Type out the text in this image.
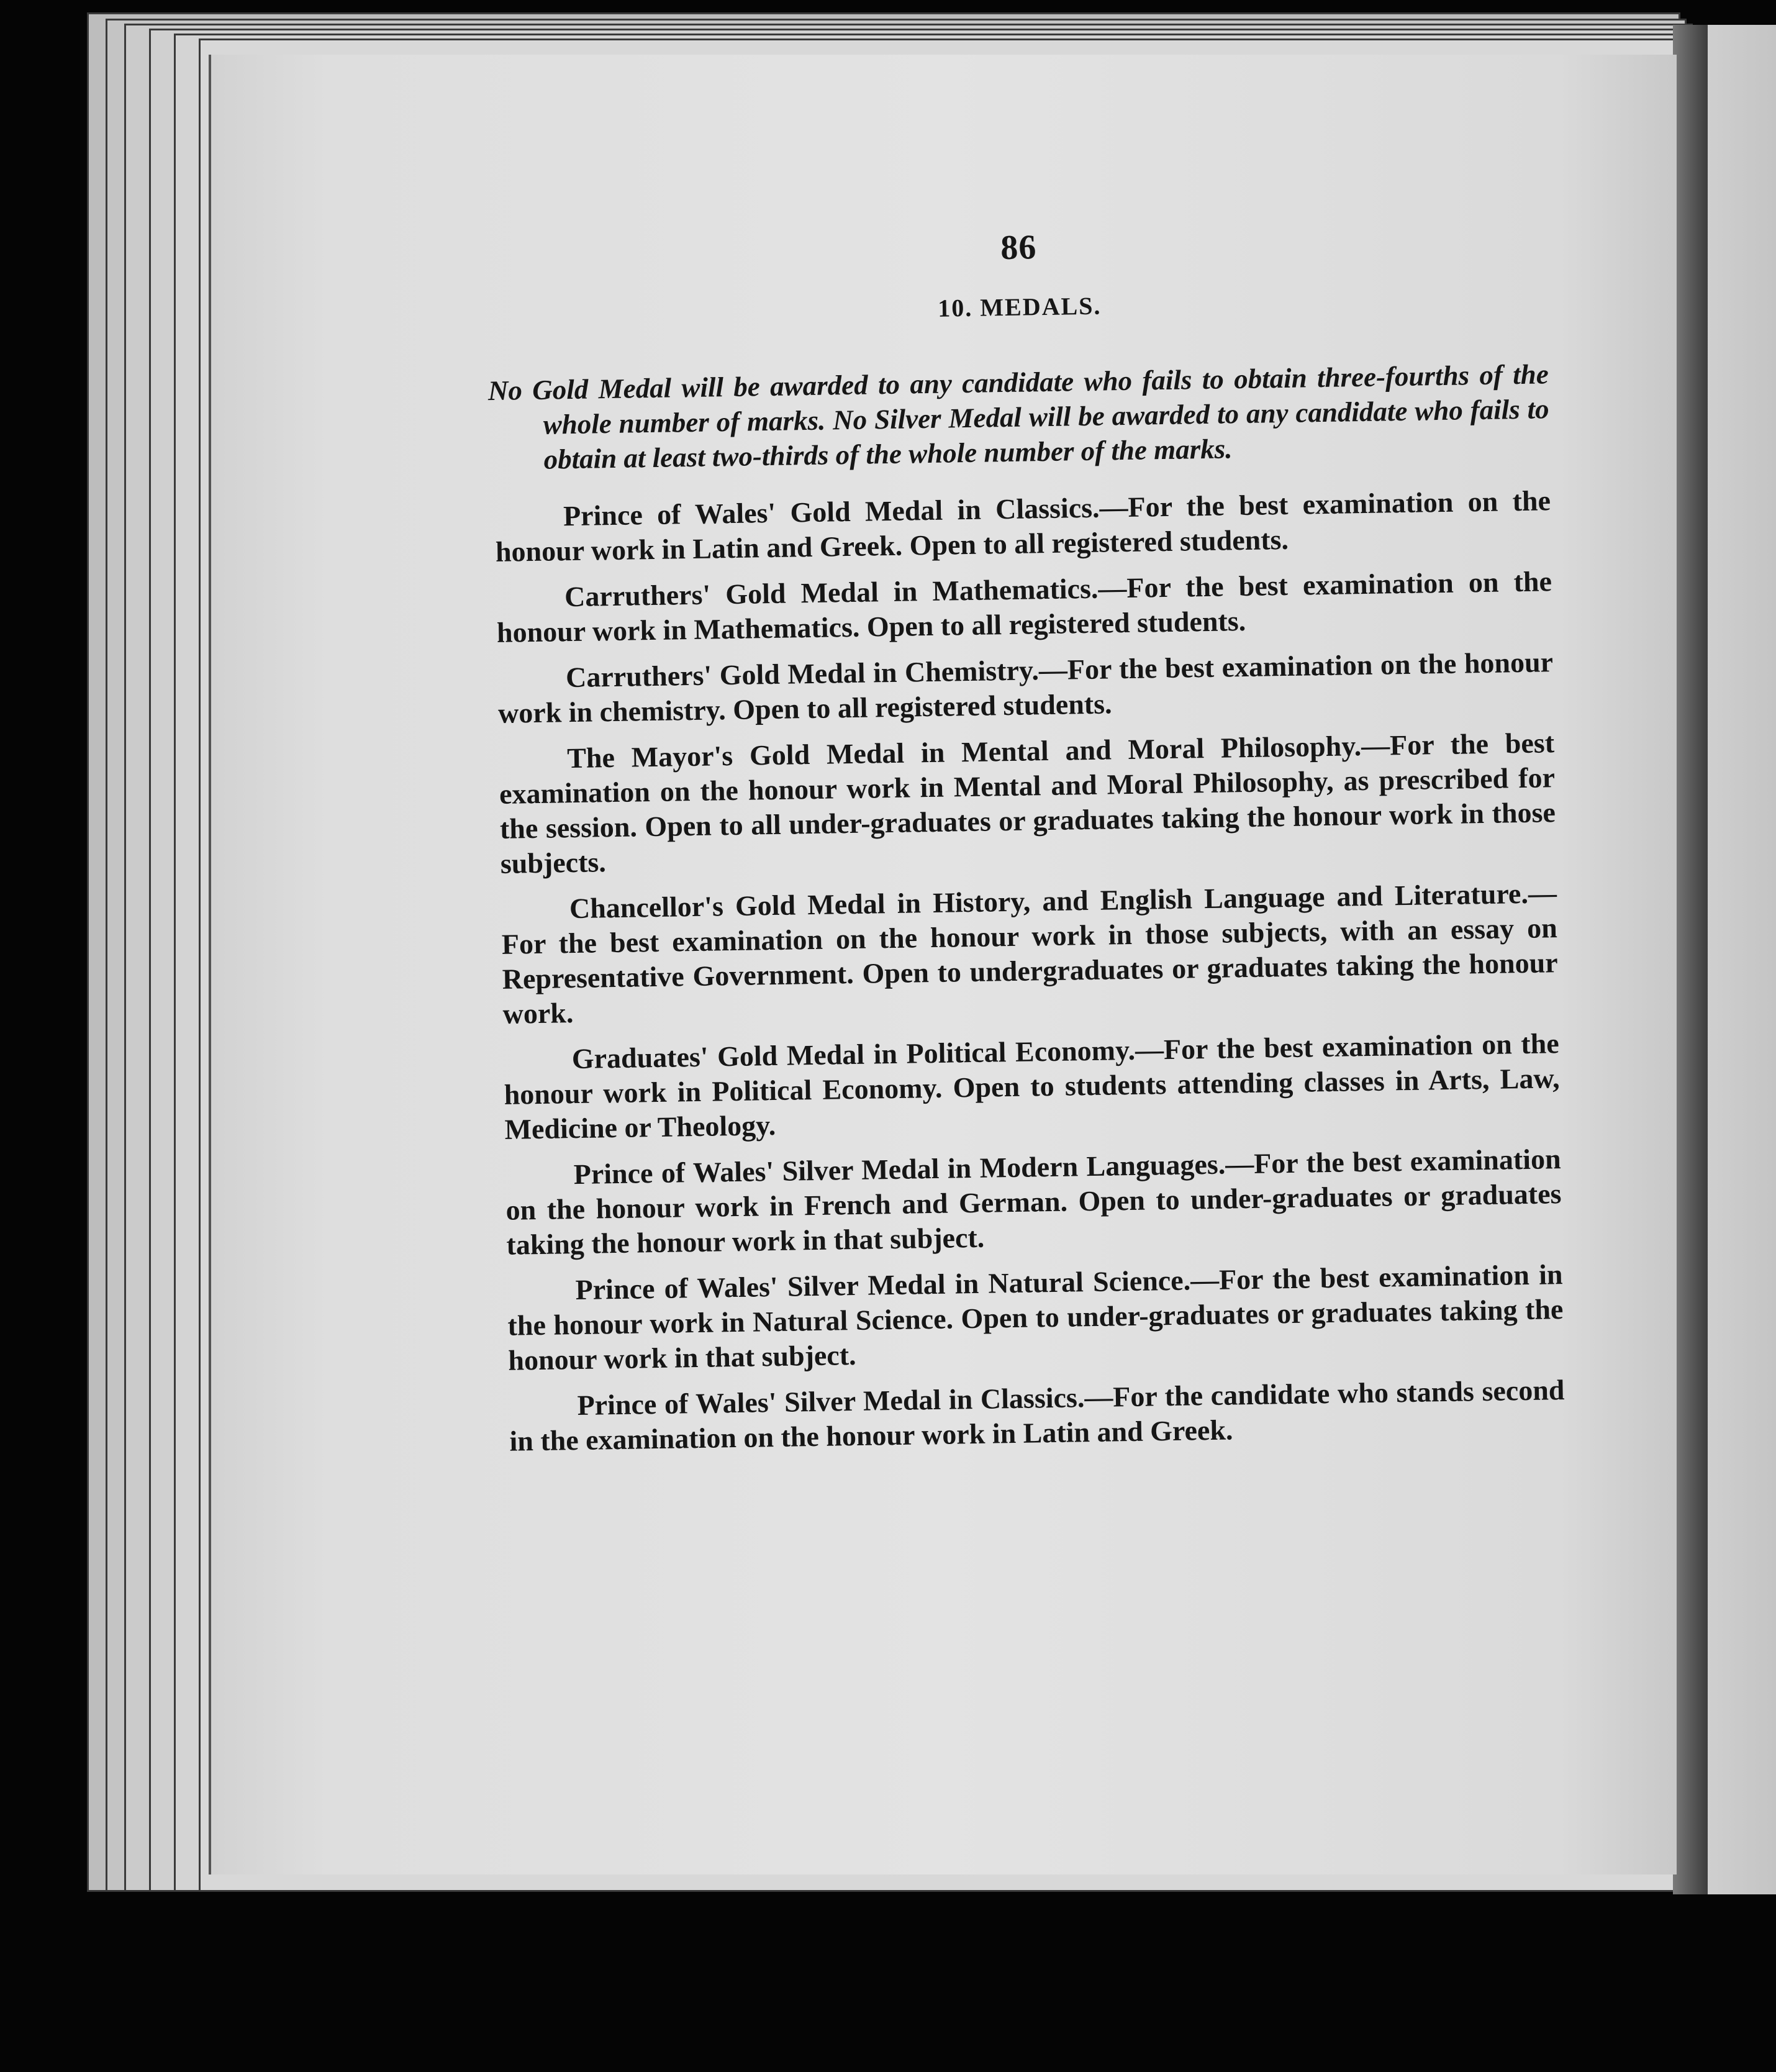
86
10. MEDALS.

No Gold Medal will be awarded to any candidate who fails to obtain three-fourths of the whole number of marks. No Silver Medal will be awarded to any candidate who fails to obtain at least two-thirds of the whole number of the marks.

Prince of Wales' Gold Medal in Classics.—For the best examination on the honour work in Latin and Greek. Open to all registered students.

Carruthers' Gold Medal in Mathematics.—For the best examination on the honour work in Mathematics. Open to all registered students.

Carruthers' Gold Medal in Chemistry.—For the best examination on the honour work in chemistry. Open to all registered students.

The Mayor's Gold Medal in Mental and Moral Philosophy.—For the best examination on the honour work in Mental and Moral Philosophy, as prescribed for the session. Open to all under-graduates or graduates taking the honour work in those subjects.

Chancellor's Gold Medal in History, and English Language and Literature.—For the best examination on the honour work in those subjects, with an essay on Representative Government. Open to undergraduates or graduates taking the honour work.

Graduates' Gold Medal in Political Economy.—For the best examination on the honour work in Political Economy. Open to students attending classes in Arts, Law, Medicine or Theology.

Prince of Wales' Silver Medal in Modern Languages.—For the best examination on the honour work in French and German. Open to under-graduates or graduates taking the honour work in that subject.

Prince of Wales' Silver Medal in Natural Science.—For the best examination in the honour work in Natural Science. Open to under-graduates or graduates taking the honour work in that subject.

Prince of Wales' Silver Medal in Classics.—For the candidate who stands second in the examination on the honour work in Latin and Greek.
